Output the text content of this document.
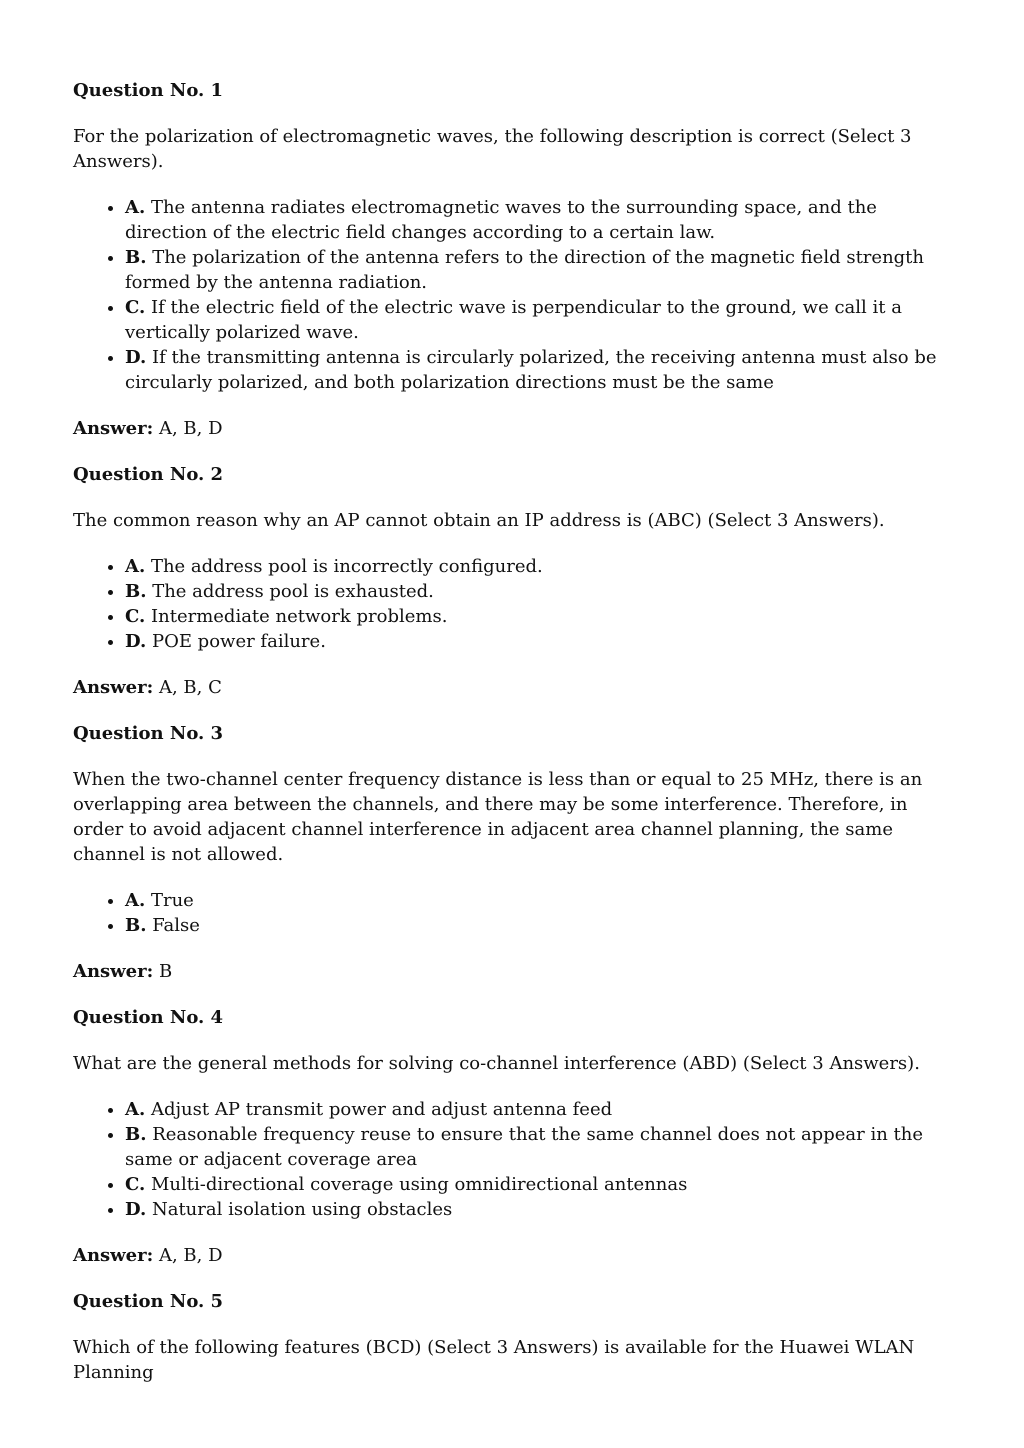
Question No. 1

For the polarization of electromagnetic waves, the following description is correct (Select 3 Answers).

• A. The antenna radiates electromagnetic waves to the surrounding space, and the direction of the electric field changes according to a certain law.
• B. The polarization of the antenna refers to the direction of the magnetic field strength formed by the antenna radiation.
• C. If the electric field of the electric wave is perpendicular to the ground, we call it a vertically polarized wave.
• D. If the transmitting antenna is circularly polarized, the receiving antenna must also be circularly polarized, and both polarization directions must be the same

Answer: A, B, D

Question No. 2

The common reason why an AP cannot obtain an IP address is (ABC) (Select 3 Answers).

• A. The address pool is incorrectly configured.
• B. The address pool is exhausted.
• C. Intermediate network problems.
• D. POE power failure.

Answer: A, B, C

Question No. 3

When the two-channel center frequency distance is less than or equal to 25 MHz, there is an overlapping area between the channels, and there may be some interference. Therefore, in order to avoid adjacent channel interference in adjacent area channel planning, the same channel is not allowed.

• A. True
• B. False

Answer: B

Question No. 4

What are the general methods for solving co-channel interference (ABD) (Select 3 Answers).

• A. Adjust AP transmit power and adjust antenna feed
• B. Reasonable frequency reuse to ensure that the same channel does not appear in the same or adjacent coverage area
• C. Multi-directional coverage using omnidirectional antennas
• D. Natural isolation using obstacles

Answer: A, B, D

Question No. 5

Which of the following features (BCD) (Select 3 Answers) is available for the Huawei WLAN Planning
